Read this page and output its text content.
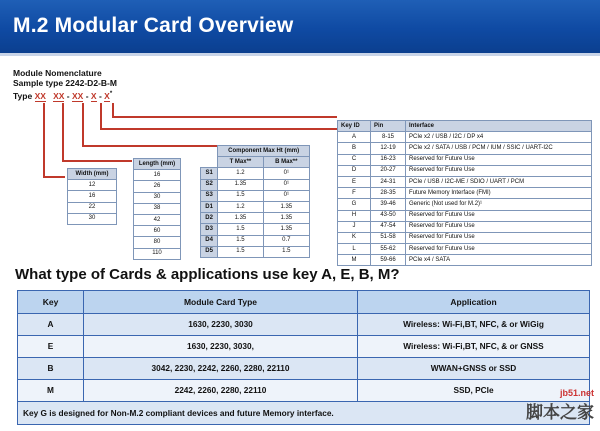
M.2 Modular Card Overview
Module Nomenclature
Sample type 2242-D2-B-M
Type XX XX - XX - X - X*
Width (mm)
12
16
22
30
Length (mm)
16
26
30
38
42
60
80
110
	Component Max Ht (mm)	
	T Max**	B Max**
S1	1.2	0¹
S2	1.35	0¹
S3	1.5	0¹
D1	1.2	1.35
D2	1.35	1.35
D3	1.5	1.35
D4	1.5	0.7
D5	1.5	1.5
Key ID	Pin	Interface
A	8-15	PCIe x2 / USB / I2C / DP x4
B	12-19	PCIe x2 / SATA / USB / PCM / IUM / SSIC / UART-I2C
C	16-23	Reserved for Future Use
D	20-27	Reserved for Future Use
E	24-31	PCIe / USB / I2C-ME / SDIO / UART / PCM
F	28-35	Future Memory Interface (FMI)
G	39-46	Generic (Not used for M.2)¹
H	43-50	Reserved for Future Use
J	47-54	Reserved for Future Use
K	51-58	Reserved for Future Use
L	55-62	Reserved for Future Use
M	59-66	PCIe x4 / SATA
What type of Cards & applications use key A, E, B, M?
Key	Module Card Type	Application
A	1630, 2230, 3030	Wireless: Wi-Fi,BT, NFC, & or WiGig
E	1630, 2230, 3030,	Wireless: Wi-Fi,BT, NFC, & or GNSS
B	3042, 2230, 2242, 2260, 2280, 22110	WWAN+GNSS or SSD
M	2242, 2260, 2280, 22110	SSD, PCIe
Key G is designed for Non-M.2 compliant devices and future Memory interface.		
jb51.net
脚本之家
